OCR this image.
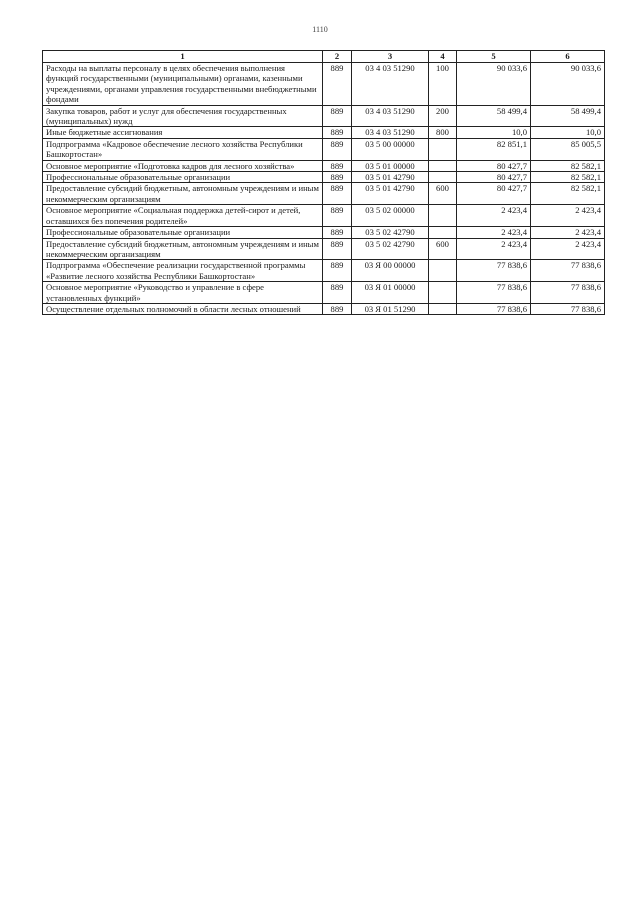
1110
1	2	3	4	5	6
Расходы на выплаты персоналу в целях обеспечения выполнения функций государственными (муниципальными) органами, казенными учреждениями, органами управления государственными внебюджетными фондами	889	03 4 03 51290	100	90 033,6	90 033,6
Закупка товаров, работ и услуг для обеспечения государственных (муниципальных) нужд	889	03 4 03 51290	200	58 499,4	58 499,4
Иные бюджетные ассигнования	889	03 4 03 51290	800	10,0	10,0
Подпрограмма «Кадровое обеспечение лесного хозяйства Республики Башкортостан»	889	03 5 00 00000		82 851,1	85 005,5
Основное мероприятие «Подготовка кадров для лесного хозяйства»	889	03 5 01 00000		80 427,7	82 582,1
Профессиональные образовательные организации	889	03 5 01 42790		80 427,7	82 582,1
Предоставление субсидий бюджетным, автономным учреждениям и иным некоммерческим организациям	889	03 5 01 42790	600	80 427,7	82 582,1
Основное мероприятие «Социальная поддержка детей-сирот и детей, оставшихся без попечения родителей»	889	03 5 02 00000		2 423,4	2 423,4
Профессиональные образовательные организации	889	03 5 02 42790		2 423,4	2 423,4
Предоставление субсидий бюджетным, автономным учреждениям и иным некоммерческим организациям	889	03 5 02 42790	600	2 423,4	2 423,4
Подпрограмма «Обеспечение реализации государственной программы «Развитие лесного хозяйства Республики Башкортостан»	889	03 Я 00 00000		77 838,6	77 838,6
Основное мероприятие «Руководство и управление в сфере установленных функций»	889	03 Я 01 00000		77 838,6	77 838,6
Осуществление отдельных полномочий в области лесных отношений	889	03 Я 01 51290		77 838,6	77 838,6
